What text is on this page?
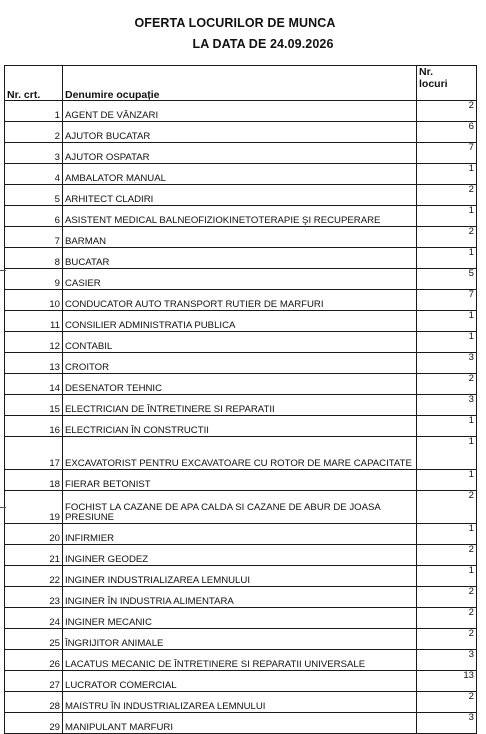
OFERTA LOCURILOR DE MUNCA
LA DATA DE 24.09.2026
Nr. crt.	Denumire ocupație	Nr.
locuri
1	AGENT DE VÂNZARI	2
2	AJUTOR BUCATAR	6
3	AJUTOR OSPATAR	7
4	AMBALATOR MANUAL	1
5	ARHITECT CLADIRI	2
6	ASISTENT MEDICAL BALNEOFIZIOKINETOTERAPIE ŞI RECUPERARE	1
7	BARMAN	2
8	BUCATAR	1
9	CASIER	5
10	CONDUCATOR AUTO TRANSPORT RUTIER DE MARFURI	7
11	CONSILIER ADMINISTRATIA PUBLICA	1
12	CONTABIL	1
13	CROITOR	3
14	DESENATOR TEHNIC	2
15	ELECTRICIAN DE ÎNTRETINERE SI REPARATII	3
16	ELECTRICIAN ÎN CONSTRUCTII	1
17	EXCAVATORIST PENTRU EXCAVATOARE CU ROTOR DE MARE CAPACITATE	1
18	FIERAR BETONIST	1
19	FOCHIST LA CAZANE DE APA CALDA SI CAZANE DE ABUR DE JOASA PRESIUNE	2
20	INFIRMIER	1
21	INGINER GEODEZ	2
22	INGINER INDUSTRIALIZAREA LEMNULUI	1
23	INGINER ÎN INDUSTRIA ALIMENTARA	2
24	INGINER MECANIC	2
25	ÎNGRIJITOR ANIMALE	2
26	LACATUS MECANIC DE ÎNTRETINERE SI REPARATII UNIVERSALE	3
27	LUCRATOR COMERCIAL	13
28	MAISTRU ÎN INDUSTRIALIZAREA LEMNULUI	2
29	MANIPULANT MARFURI	3
